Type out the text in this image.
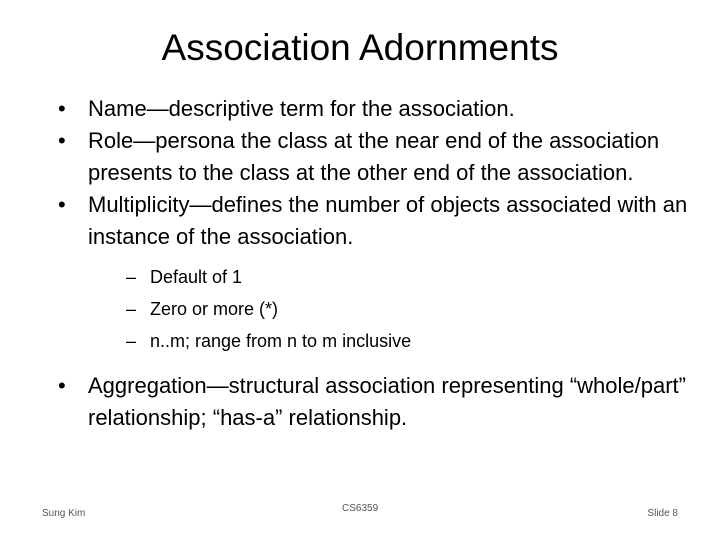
Association Adornments
•	Name—descriptive term for the association.
•	Role—persona the class at the near end of the association presents to the class at the other end of the association.
•	Multiplicity—defines the number of objects associated with an instance of the association.
– Default of 1
– Zero or more (*)
– n..m; range from n to m inclusive
•	Aggregation—structural association representing “whole/part” relationship; “has-a” relationship.
Sung Kim	CS6359	Slide 8
